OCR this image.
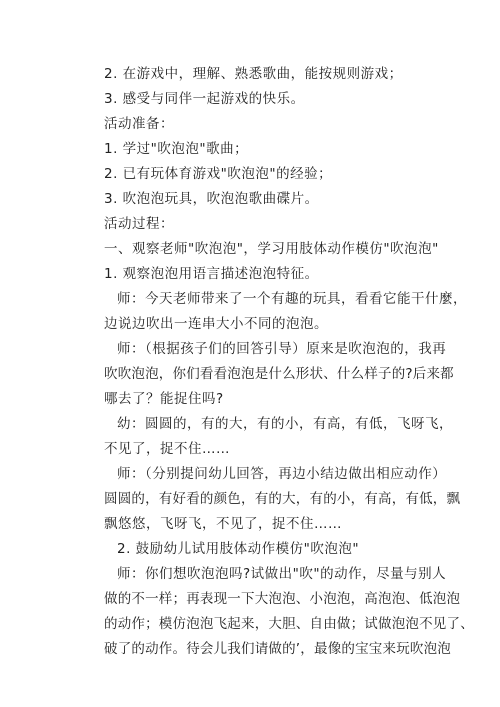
2. 在游戏中，理解、熟悉歌曲，能按规则游戏；
3. 感受与同伴一起游戏的快乐。
活动准备：
1. 学过"吹泡泡"歌曲；
2. 已有玩体育游戏"吹泡泡"的经验；
3. 吹泡泡玩具，吹泡泡歌曲碟片。
活动过程：
一、观察老师"吹泡泡"，学习用肢体动作模仿"吹泡泡"
1. 观察泡泡用语言描述泡泡特征。
师：今天老师带来了一个有趣的玩具，看看它能干什麼，
边说边吹出一连串大小不同的泡泡。
师：（根据孩子们的回答引导）原来是吹泡泡的，我再
吹吹泡泡，你们看看泡泡是什么形状、什么样子的?后来都
哪去了？能捉住吗?
幼：圆圆的，有的大，有的小，有高，有低，飞呀飞，
不见了，捉不住……
师：（分别提问幼儿回答，再边小结边做出相应动作）
圆圆的，有好看的颜色，有的大，有的小，有高，有低，飘
飘悠悠，飞呀飞，不见了，捉不住……
2. 鼓励幼儿试用肢体动作模仿"吹泡泡"
师：你们想吹泡泡吗?试做出"吹"的动作，尽量与别人
做的不一样；再表现一下大泡泡、小泡泡，高泡泡、低泡泡
的动作；模仿泡泡飞起来，大胆、自由做；试做泡泡不见了、
破了的动作。待会儿我们请做的’，最像的宝宝来玩吹泡泡
